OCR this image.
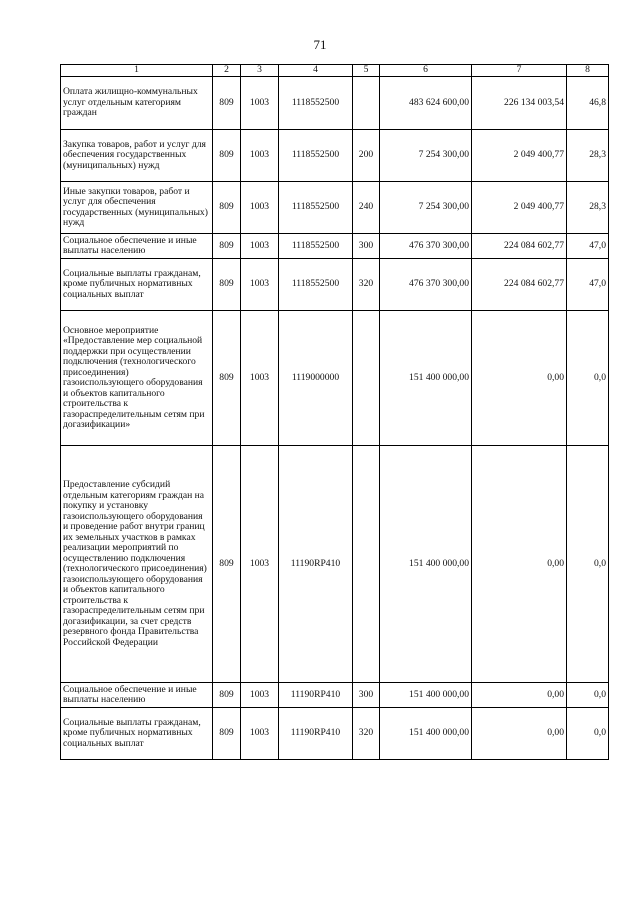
71
1	2	3	4	5	6	7	8
Оплата жилищно-коммунальных услуг отдельным категориям граждан	809	1003	1118552500		483 624 600,00	226 134 003,54	46,8
Закупка товаров, работ и услуг для обеспечения государственных (муниципальных) нужд	809	1003	1118552500	200	7 254 300,00	2 049 400,77	28,3
Иные закупки товаров, работ и услуг для обеспечения государственных (муниципальных) нужд	809	1003	1118552500	240	7 254 300,00	2 049 400,77	28,3
Социальное обеспечение и иные выплаты населению	809	1003	1118552500	300	476 370 300,00	224 084 602,77	47,0
Социальные выплаты гражданам, кроме публичных нормативных социальных выплат	809	1003	1118552500	320	476 370 300,00	224 084 602,77	47,0
Основное мероприятие «Предоставление мер социальной поддержки при осуществлении подключения (технологического присоединения) газоиспользующего оборудования и объектов капитального строительства к газораспределительным сетям при догазификации»	809	1003	1119000000		151 400 000,00	0,00	0,0
Предоставление субсидий отдельным категориям граждан на покупку и установку газоиспользующего оборудования и проведение работ внутри границ их земельных участков в рамках реализации мероприятий по осуществлению подключения (технологического присоединения) газоиспользующего оборудования и объектов капитального строительства к газораспределительным сетям при догазификации, за счет средств резервного фонда Правительства Российской Федерации	809	1003	11190RP410		151 400 000,00	0,00	0,0
Социальное обеспечение и иные выплаты населению	809	1003	11190RP410	300	151 400 000,00	0,00	0,0
Социальные выплаты гражданам, кроме публичных нормативных социальных выплат	809	1003	11190RP410	320	151 400 000,00	0,00	0,0
